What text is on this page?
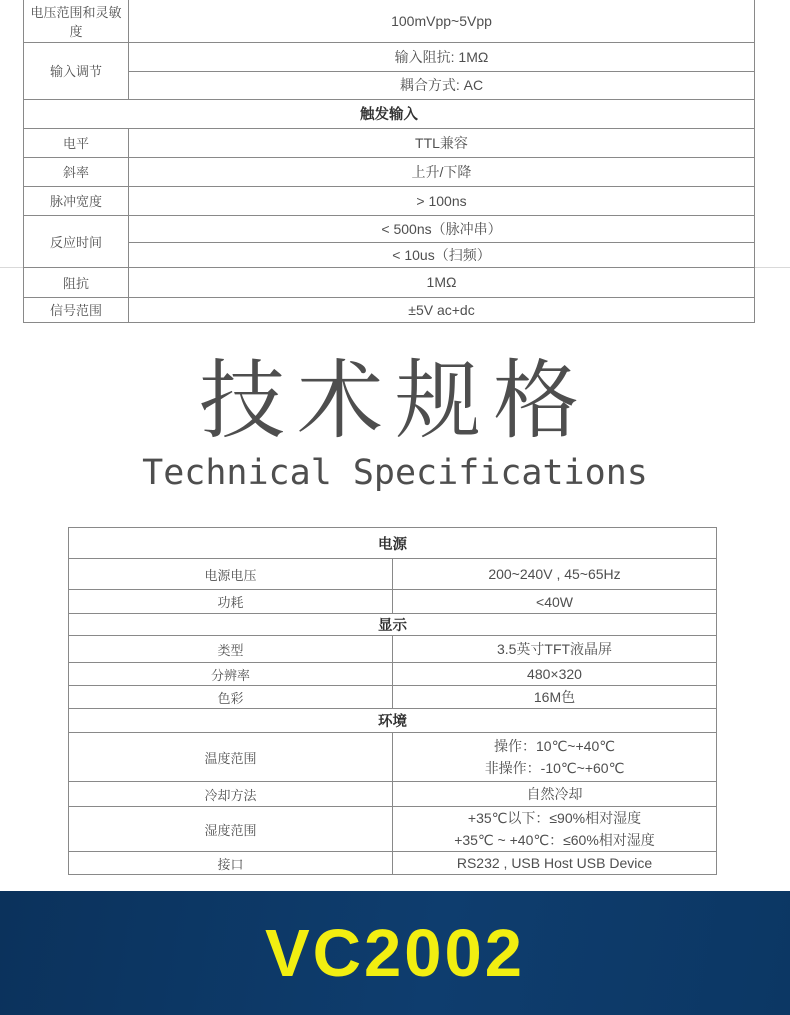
电压范围和灵敏度	100mVpp~5Vpp
输入调节	输入阻抗: 1MΩ
	耦合方式: AC
触发输入	
电平	TTL兼容
斜率	上升/下降
脉冲宽度	> 100ns
反应时间	< 500ns（脉冲串）
	< 10us（扫频）
阻抗	1MΩ
信号范围	±5V ac+dc
技术规格
Technical Specifications
电源	
电源电压	200~240V , 45~65Hz
功耗	<40W
显示	
类型	3.5英寸TFT液晶屏
分辨率	480×320
色彩	16M色
环境	
温度范围	操作：10℃~+40℃
非操作：-10℃~+60℃

冷却方法	自然冷却
湿度范围	+35℃以下：≤90%相对湿度
+35℃ ~ +40℃：≤60%相对湿度

接口	RS232 , USB Host USB Device
VC2002
